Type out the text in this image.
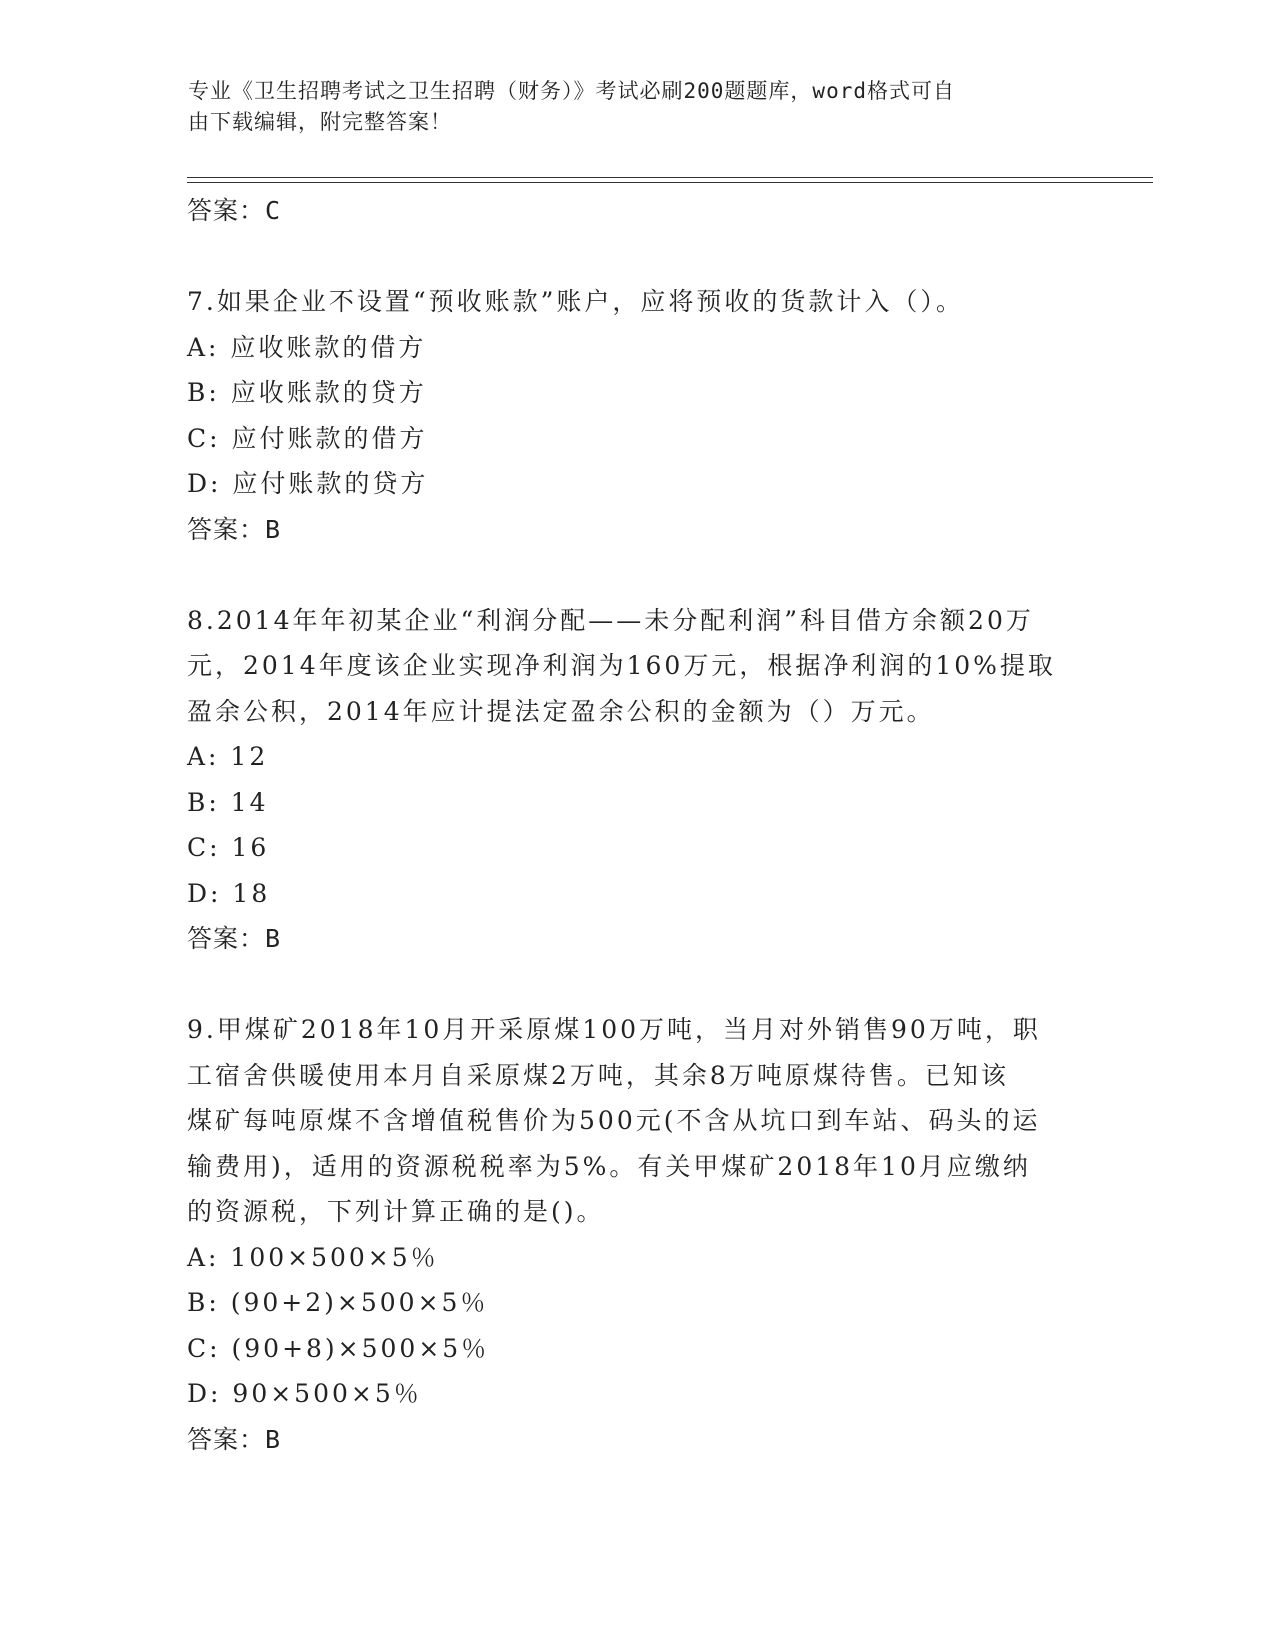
专业《卫生招聘考试之卫生招聘（财务）》考试必刷200题题库，word格式可自
由下载编辑，附完整答案！
答案：C
7.如果企业不设置“预收账款”账户，应将预收的货款计入（）。
A: 应收账款的借方
B: 应收账款的贷方
C: 应付账款的借方
D: 应付账款的贷方
答案：B
8.2014年年初某企业“利润分配——未分配利润”科目借方余额20万
元，2014年度该企业实现净利润为160万元，根据净利润的10%提取
盈余公积，2014年应计提法定盈余公积的金额为（）万元。
A: 12
B: 14
C: 16
D: 18
答案：B
9.甲煤矿2018年10月开采原煤100万吨，当月对外销售90万吨，职
工宿舍供暖使用本月自采原煤2万吨，其余8万吨原煤待售。已知该
煤矿每吨原煤不含增值税售价为500元(不含从坑口到车站、码头的运
输费用)，适用的资源税税率为5%。有关甲煤矿2018年10月应缴纳
的资源税，下列计算正确的是()。
A: 100×500×5％
B: (90+2)×500×5％
C: (90+8)×500×5％
D: 90×500×5％
答案：B
